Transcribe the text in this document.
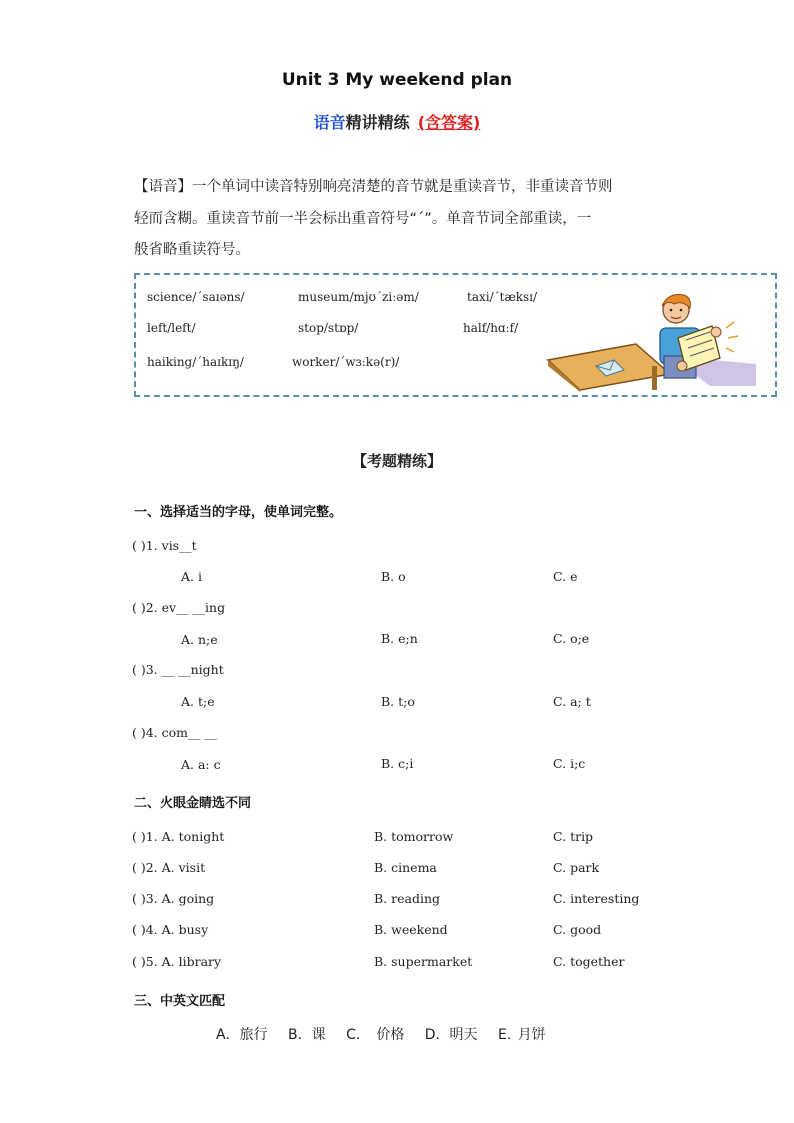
Unit 3 My weekend plan
语音精讲精练 (含答案)
【语音】一个单词中读音特别响亮清楚的音节就是重读音节，非重读音节则
轻而含糊。重读音节前一半会标出重音符号“ˊ”。单音节词全部重读，一
般省略重读符号。
science/ˊsaɪəns/	museum/mjʊˊziːəm/	taxi/ˊtæksɪ/
left/left/	stop/stɒp/	half/hɑːf/
haiking/ˊhaɪkɪŋ/	worker/ˊwɜːkə(r)/
【考题精练】
一、选择适当的字母，使单词完整。
( )1. vis__t
A. i	B. o	C. e
( )2. ev__ __ing
A. n;e	B. e;n	C. o;e
( )3. __ __night
A. t;e	B. t;o	C. a; t
( )4. com__ __
A. a: c	B. c;i	C. i;c
二、火眼金睛选不同
( )1. A. tonight	B. tomorrow	C. trip
( )2. A. visit	B. cinema	C. park
( )3. A. going	B. reading	C. interesting
( )4. A. busy	B. weekend	C. good
( )5. A. library	B. supermarket	C. together
三、中英文匹配
A．旅行 B．课 C． 价格 D．明天 E. 月饼
